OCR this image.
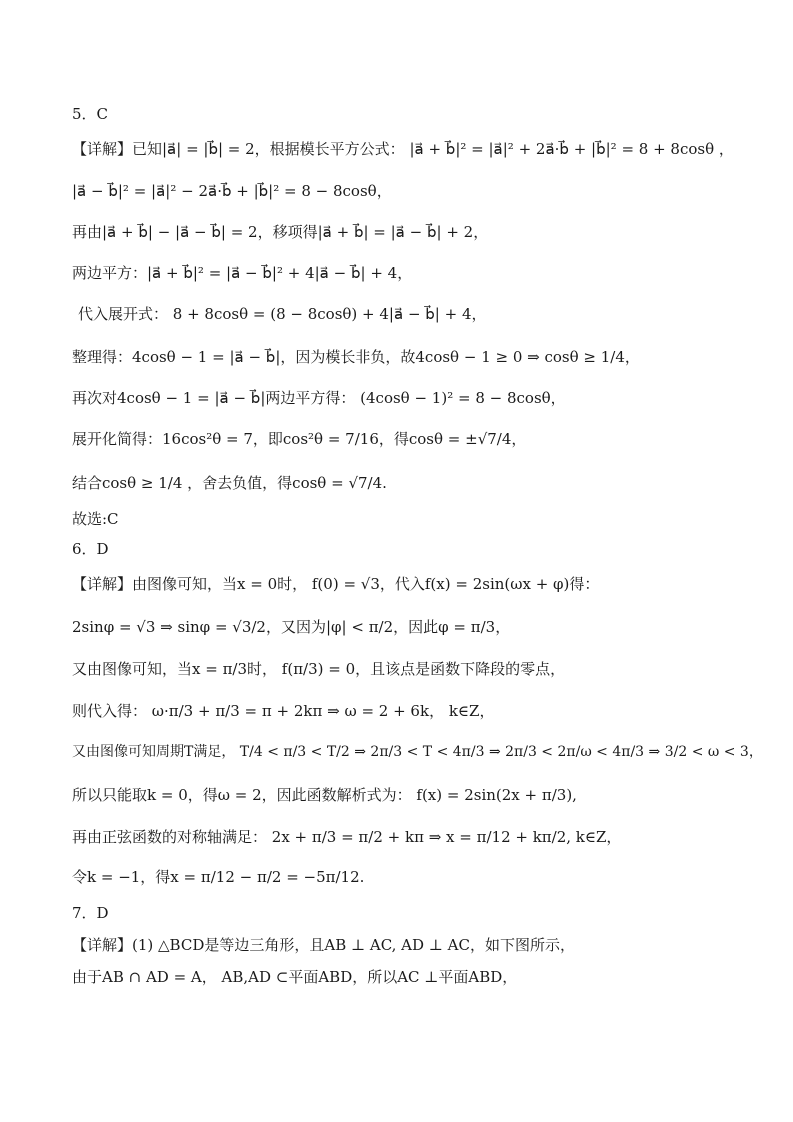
5．C
【详解】已知|a⃗| = |b⃗| = 2，根据模长平方公式： |a⃗ + b⃗|² = |a⃗|² + 2a⃗·b⃗ + |b⃗|² = 8 + 8cosθ ，
|a⃗ − b⃗|² = |a⃗|² − 2a⃗·b⃗ + |b⃗|² = 8 − 8cosθ，
再由|a⃗ + b⃗| − |a⃗ − b⃗| = 2，移项得|a⃗ + b⃗| = |a⃗ − b⃗| + 2，
两边平方：|a⃗ + b⃗|² = |a⃗ − b⃗|² + 4|a⃗ − b⃗| + 4，
代入展开式： 8 + 8cosθ = (8 − 8cosθ) + 4|a⃗ − b⃗| + 4，
整理得：4cosθ − 1 = |a⃗ − b⃗|，因为模长非负，故4cosθ − 1 ≥ 0 ⇒ cosθ ≥ 1/4，
再次对4cosθ − 1 = |a⃗ − b⃗|两边平方得： (4cosθ − 1)² = 8 − 8cosθ，
展开化简得：16cos²θ = 7，即cos²θ = 7/16，得cosθ = ±√7/4，
结合cosθ ≥ 1/4 ，舍去负值，得cosθ = √7/4.
故选:C
6．D
【详解】由图像可知，当x = 0时， f(0) = √3，代入f(x) = 2sin(ωx + φ)得：
2sinφ = √3 ⇒ sinφ = √3/2，又因为|φ| < π/2，因此φ = π/3，
又由图像可知，当x = π/3时， f(π/3) = 0，且该点是函数下降段的零点，
则代入得： ω·π/3 + π/3 = π + 2kπ ⇒ ω = 2 + 6k， k∈Z，
又由图像可知周期T满足， T/4 < π/3 < T/2 ⇒ 2π/3 < T < 4π/3 ⇒ 2π/3 < 2π/ω < 4π/3 ⇒ 3/2 < ω < 3，
所以只能取k = 0，得ω = 2，因此函数解析式为： f(x) = 2sin(2x + π/3),
再由正弦函数的对称轴满足： 2x + π/3 = π/2 + kπ ⇒ x = π/12 + kπ/2, k∈Z，
令k = −1，得x = π/12 − π/2 = −5π/12.
7．D
【详解】(1) △BCD是等边三角形，且AB ⊥ AC, AD ⊥ AC，如下图所示，
由于AB ∩ AD = A， AB,AD ⊂平面ABD，所以AC ⊥平面ABD，
